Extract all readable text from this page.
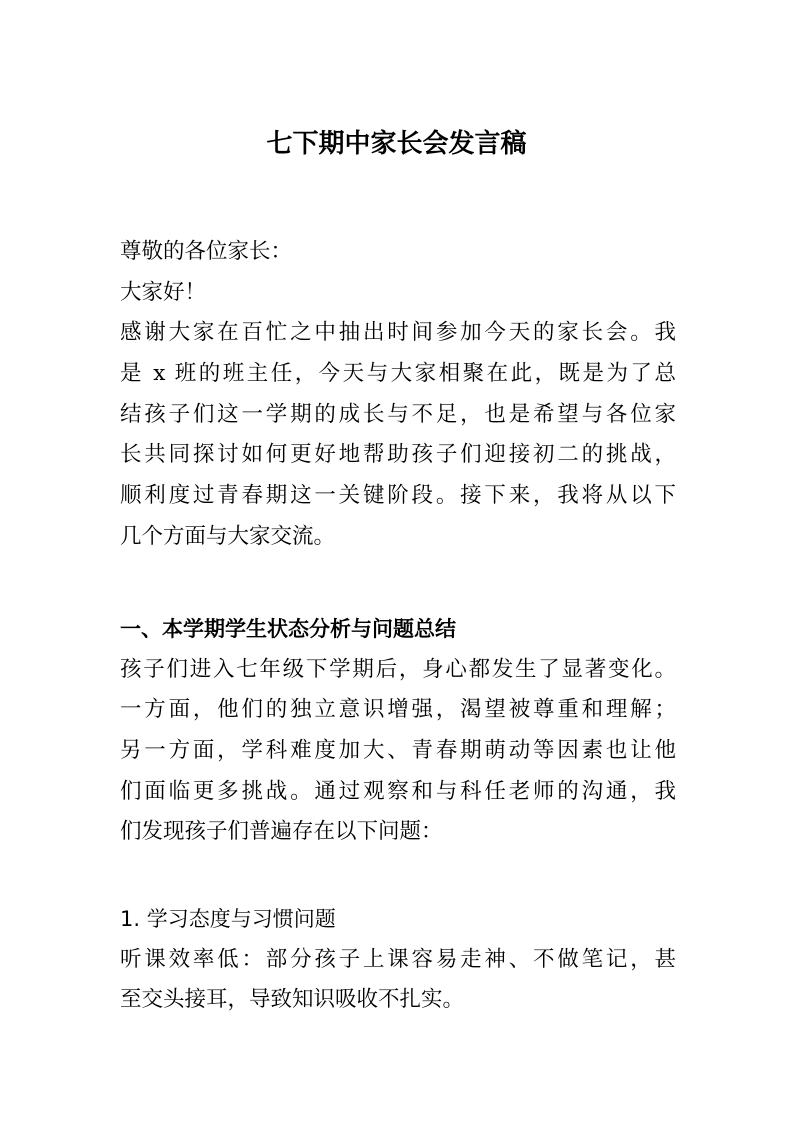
七下期中家长会发言稿
尊敬的各位家长：
大家好！
感谢大家在百忙之中抽出时间参加今天的家长会。我
是 x 班的班主任，今天与大家相聚在此，既是为了总
结孩子们这一学期的成长与不足，也是希望与各位家
长共同探讨如何更好地帮助孩子们迎接初二的挑战，
顺利度过青春期这一关键阶段。接下来，我将从以下
几个方面与大家交流。
一、本学期学生状态分析与问题总结
孩子们进入七年级下学期后，身心都发生了显著变化。
一方面，他们的独立意识增强，渴望被尊重和理解；
另一方面，学科难度加大、青春期萌动等因素也让他
们面临更多挑战。通过观察和与科任老师的沟通，我
们发现孩子们普遍存在以下问题：
1. 学习态度与习惯问题
听课效率低：部分孩子上课容易走神、不做笔记，甚
至交头接耳，导致知识吸收不扎实。
